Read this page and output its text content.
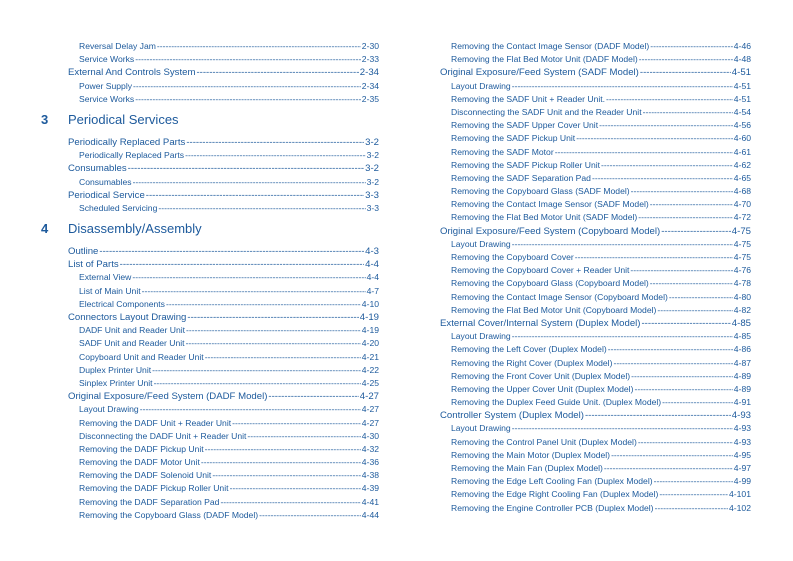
Reversal Delay Jam -----	2-30
Service Works -----	2-33
External And Controls System -----	2-34
Power Supply -----	2-34
Service Works -----	2-35
3 Periodical Services
Periodically Replaced Parts -----	3-2
Periodically Replaced Parts -----	3-2
Consumables -----	3-2
Consumables -----	3-2
Periodical Service -----	3-3
Scheduled Servicing -----	3-3
4 Disassembly/Assembly
Outline -----	4-3
List of Parts -----	4-4
External View -----	4-4
List of Main Unit -----	4-7
Electrical Components -----	4-10
Connectors Layout Drawing -----	4-19
DADF Unit and Reader Unit -----	4-19
SADF Unit and Reader Unit -----	4-20
Copyboard Unit and Reader Unit -----	4-21
Duplex Printer Unit -----	4-22
Sinplex Printer Unit -----	4-25
Original Exposure/Feed System (DADF Model) -----	4-27
Layout Drawing -----	4-27
Removing the DADF Unit + Reader Unit -----	4-27
Disconnecting the DADF Unit + Reader Unit -----	4-30
Removing the DADF Pickup Unit -----	4-32
Removing the DADF Motor Unit -----	4-36
Removing the DADF Solenoid Unit -----	4-38
Removing the DADF Pickup Roller Unit -----	4-39
Removing the DADF Separation Pad -----	4-41
Removing the Copyboard Glass (DADF Model) -----	4-44
Removing the Contact Image Sensor (DADF Model) -----	4-46
Removing the Flat Bed Motor Unit (DADF Model) -----	4-48
Original Exposure/Feed System (SADF Model) -----	4-51
Layout Drawing -----	4-51
Removing the SADF Unit + Reader Unit. -----	4-51
Disconnecting the SADF Unit and the Reader Unit -----	4-54
Removing the SADF Upper Cover Unit -----	4-56
Removing the SADF Pickup Unit -----	4-60
Removing the SADF Motor -----	4-61
Removing the SADF Pickup Roller Unit -----	4-62
Removing the SADF Separation Pad -----	4-65
Removing the Copyboard Glass (SADF Model) -----	4-68
Removing the Contact Image Sensor (SADF Model) -----	4-70
Removing the Flat Bed Motor Unit (SADF Model) -----	4-72
Original Exposure/Feed System (Copyboard Model) -----	4-75
Layout Drawing -----	4-75
Removing the Copyboard Cover -----	4-75
Removing the Copyboard Cover + Reader Unit -----	4-76
Removing the Copyboard Glass (Copyboard Model) -----	4-78
Removing the Contact Image Sensor (Copyboard Model) -----	4-80
Removing the Flat Bed Motor Unit (Copyboard Model) -----	4-82
External Cover/Internal System (Duplex Model) -----	4-85
Layout Drawing -----	4-85
Removing the Left Cover (Duplex Model) -----	4-86
Removing the Right Cover (Duplex Model) -----	4-87
Removing the Front Cover Unit (Duplex Model) -----	4-89
Removing the Upper Cover Unit (Duplex Model) -----	4-89
Removing the Duplex Feed Guide Unit. (Duplex Model) -----	4-91
Controller System (Duplex Model) -----	4-93
Layout Drawing -----	4-93
Removing the Control Panel Unit (Duplex Model) -----	4-93
Removing the Main Motor (Duplex Model) -----	4-95
Removing the Main Fan (Duplex Model) -----	4-97
Removing the Edge Left Cooling Fan (Duplex Model) -----	4-99
Removing the Edge Right Cooling Fan (Duplex Model) -----	4-101
Removing the Engine Controller PCB (Duplex Model) -----	4-102
